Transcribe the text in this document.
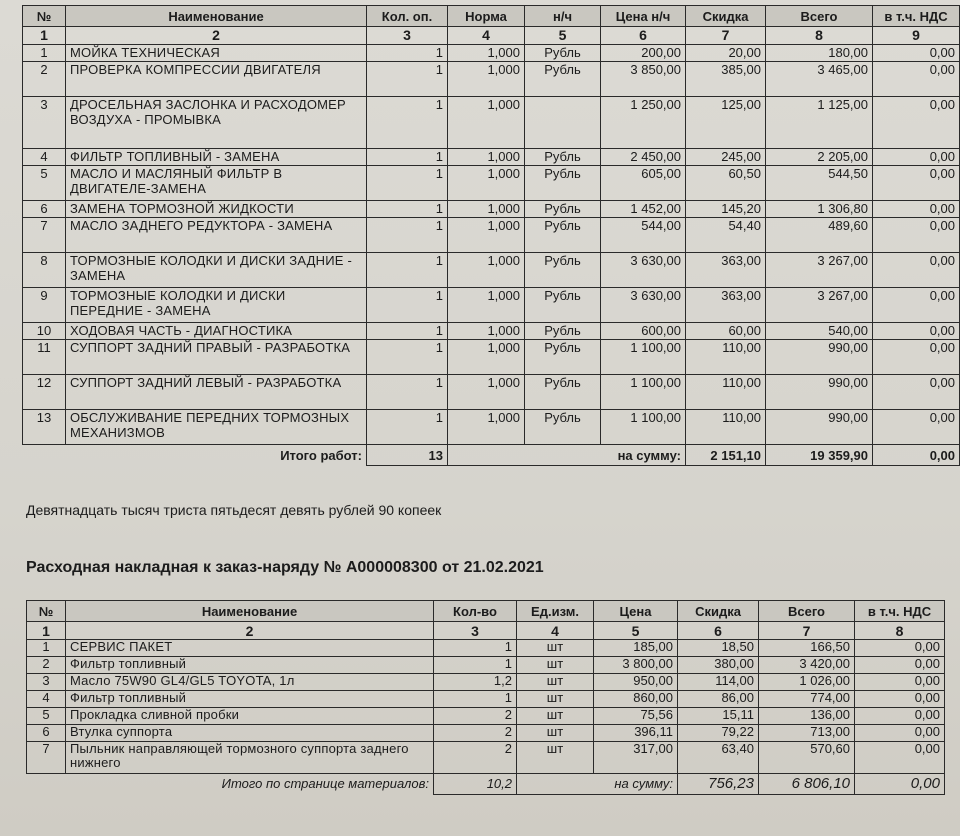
№	Наименование	Кол. оп.	Норма	н/ч	Цена н/ч	Скидка	Всего	в т.ч. НДС
1	2	3	4	5	6	7	8	9
1	МОЙКА ТЕХНИЧЕСКАЯ	1	1,000	Рубль	200,00	20,00	180,00	0,00
2	ПРОВЕРКА КОМПРЕССИИ ДВИГАТЕЛЯ	1	1,000	Рубль	3 850,00	385,00	3 465,00	0,00
3	ДРОСЕЛЬНАЯ ЗАСЛОНКА И РАСХОДОМЕР ВОЗДУХА - ПРОМЫВКА	1	1,000		1 250,00	125,00	1 125,00	0,00
4	ФИЛЬТР ТОПЛИВНЫЙ - ЗАМЕНА	1	1,000	Рубль	2 450,00	245,00	2 205,00	0,00
5	МАСЛО И МАСЛЯНЫЙ ФИЛЬТР В ДВИГАТЕЛЕ-ЗАМЕНА	1	1,000	Рубль	605,00	60,50	544,50	0,00
6	ЗАМЕНА ТОРМОЗНОЙ ЖИДКОСТИ	1	1,000	Рубль	1 452,00	145,20	1 306,80	0,00
7	МАСЛО ЗАДНЕГО РЕДУКТОРА - ЗАМЕНА	1	1,000	Рубль	544,00	54,40	489,60	0,00
8	ТОРМОЗНЫЕ КОЛОДКИ И ДИСКИ ЗАДНИЕ - ЗАМЕНА	1	1,000	Рубль	3 630,00	363,00	3 267,00	0,00
9	ТОРМОЗНЫЕ КОЛОДКИ И ДИСКИ ПЕРЕДНИЕ - ЗАМЕНА	1	1,000	Рубль	3 630,00	363,00	3 267,00	0,00
10	ХОДОВАЯ ЧАСТЬ - ДИАГНОСТИКА	1	1,000	Рубль	600,00	60,00	540,00	0,00
11	СУППОРТ ЗАДНИЙ ПРАВЫЙ - РАЗРАБОТКА	1	1,000	Рубль	1 100,00	110,00	990,00	0,00
12	СУППОРТ ЗАДНИЙ ЛЕВЫЙ - РАЗРАБОТКА	1	1,000	Рубль	1 100,00	110,00	990,00	0,00
13	ОБСЛУЖИВАНИЕ ПЕРЕДНИХ ТОРМОЗНЫХ МЕХАНИЗМОВ	1	1,000	Рубль	1 100,00	110,00	990,00	0,00
Итого работ:		13	на сумму:			2 151,10	19 359,90	0,00
Девятнадцать тысяч триста пятьдесят девять рублей 90 копеек
Расходная накладная к заказ-наряду № А000008300 от 21.02.2021
№	Наименование	Кол-во	Ед.изм.	Цена	Скидка	Всего	в т.ч. НДС
1	2	3	4	5	6	7	8
1	СЕРВИС ПАКЕТ	1	шт	185,00	18,50	166,50	0,00
2	Фильтр топливный	1	шт	3 800,00	380,00	3 420,00	0,00
3	Масло 75W90 GL4/GL5 TOYOTA, 1л	1,2	шт	950,00	114,00	1 026,00	0,00
4	Фильтр топливный	1	шт	860,00	86,00	774,00	0,00
5	Прокладка сливной пробки	2	шт	75,56	15,11	136,00	0,00
6	Втулка суппорта	2	шт	396,11	79,22	713,00	0,00
7	Пыльник направляющей тормозного суппорта заднего нижнего	2	шт	317,00	63,40	570,60	0,00
Итого по странице материалов:		10,2	на сумму:		756,23	6 806,10	0,00
